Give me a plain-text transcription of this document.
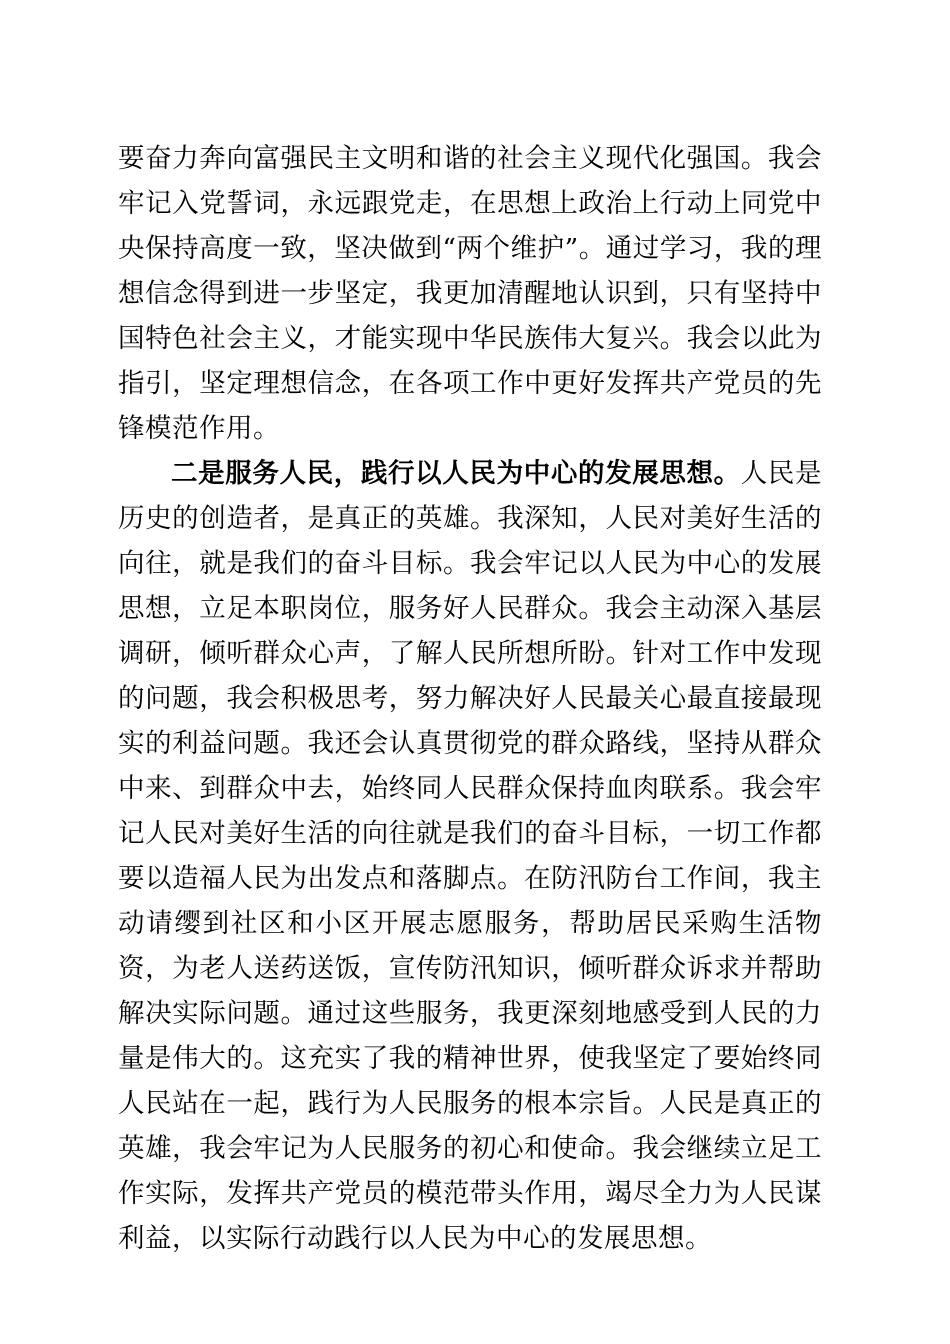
要奋力奔向富强民主文明和谐的社会主义现代化强国。我会牢记入党誓词，永远跟党走，在思想上政治上行动上同党中央保持高度一致，坚决做到“两个维护”。通过学习，我的理想信念得到进一步坚定，我更加清醒地认识到，只有坚持中国特色社会主义，才能实现中华民族伟大复兴。我会以此为指引，坚定理想信念，在各项工作中更好发挥共产党员的先锋模范作用。

二是服务人民，践行以人民为中心的发展思想。人民是历史的创造者，是真正的英雄。我深知，人民对美好生活的向往，就是我们的奋斗目标。我会牢记以人民为中心的发展思想，立足本职岗位，服务好人民群众。我会主动深入基层调研，倾听群众心声，了解人民所想所盼。针对工作中发现的问题，我会积极思考，努力解决好人民最关心最直接最现实的利益问题。我还会认真贯彻党的群众路线，坚持从群众中来、到群众中去，始终同人民群众保持血肉联系。我会牢记人民对美好生活的向往就是我们的奋斗目标，一切工作都要以造福人民为出发点和落脚点。在防汛防台工作间，我主动请缨到社区和小区开展志愿服务，帮助居民采购生活物资，为老人送药送饭，宣传防汛知识，倾听群众诉求并帮助解决实际问题。通过这些服务，我更深刻地感受到人民的力量是伟大的。这充实了我的精神世界，使我坚定了要始终同人民站在一起，践行为人民服务的根本宗旨。人民是真正的英雄，我会牢记为人民服务的初心和使命。我会继续立足工作实际，发挥共产党员的模范带头作用，竭尽全力为人民谋利益，以实际行动践行以人民为中心的发展思想。
